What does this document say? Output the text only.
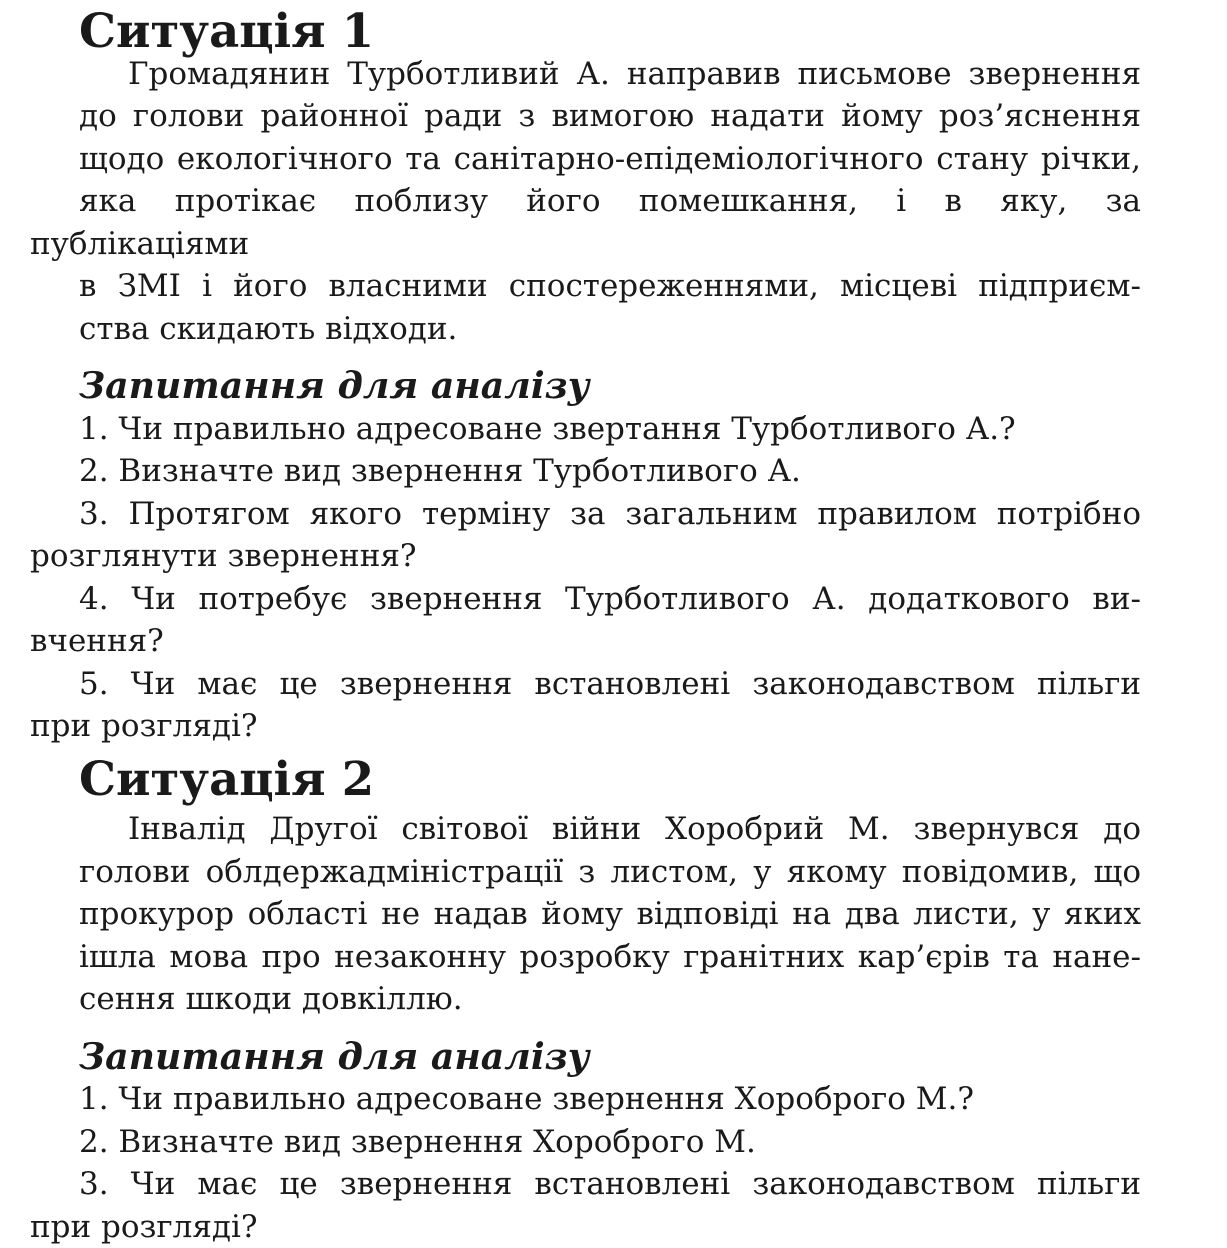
Ситуація 1
Громадянин Турботливий А. направив письмове звернення
до голови районної ради з вимогою надати йому роз’яснення
щодо екологічного та санітарно-епідеміологічного стану річки,
яка протікає поблизу його помешкання, і в яку, за публікаціями
в ЗМІ і його власними спостереженнями, місцеві підприєм-
ства скидають відходи.
Запитання для аналізу
1. Чи правильно адресоване звертання Турботливого А.?
2. Визначте вид звернення Турботливого А.
3. Протягом якого терміну за загальним правилом потрібно
розглянути звернення?
4. Чи потребує звернення Турботливого А. додаткового ви-
вчення?
5. Чи має це звернення встановлені законодавством пільги
при розгляді?
Ситуація 2
Інвалід Другої світової війни Хоробрий М. звернувся до
голови облдержадміністрації з листом, у якому повідомив, що
прокурор області не надав йому відповіді на два листи, у яких
ішла мова про незаконну розробку гранітних кар’єрів та нане-
сення шкоди довкіллю.
Запитання для аналізу
1. Чи правильно адресоване звернення Хороброго М.?
2. Визначте вид звернення Хороброго М.
3. Чи має це звернення встановлені законодавством пільги
при розгляді?
